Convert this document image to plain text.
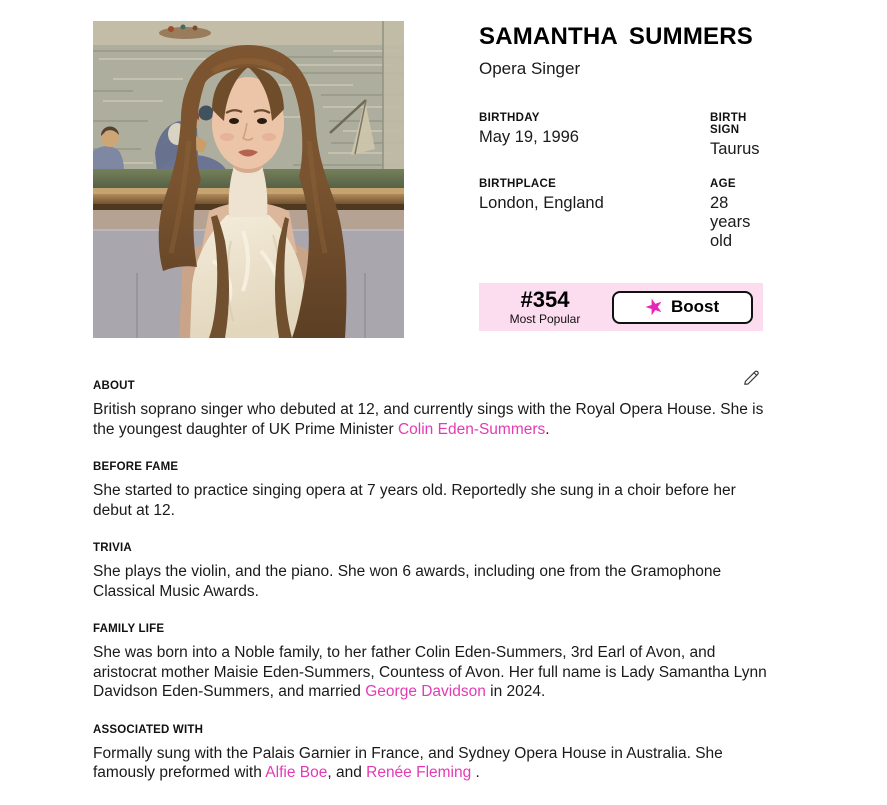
SAMANTHA SUMMERS
Opera Singer
BIRTHDAY
May 19, 1996
BIRTH SIGN
Taurus
BIRTHPLACE
London, England
AGE
28 years old
#354
Most Popular	★ Boost
ABOUT

British soprano singer who debuted at 12, and currently sings with the Royal Opera House. She is the youngest daughter of UK Prime Minister Colin Eden-Summers.

BEFORE FAME

She started to practice singing opera at 7 years old. Reportedly she sung in a choir before her debut at 12.

TRIVIA

She plays the violin, and the piano. She won 6 awards, including one from the Gramophone Classical Music Awards.

FAMILY LIFE

She was born into a Noble family, to her father Colin Eden-Summers, 3rd Earl of Avon, and aristocrat mother Maisie Eden-Summers, Countess of Avon. Her full name is Lady Samantha Lynn Davidson Eden-Summers, and married George Davidson in 2024.

ASSOCIATED WITH

Formally sung with the Palais Garnier in France, and Sydney Opera House in Australia. She famously preformed with Alfie Boe, and Renée Fleming .
